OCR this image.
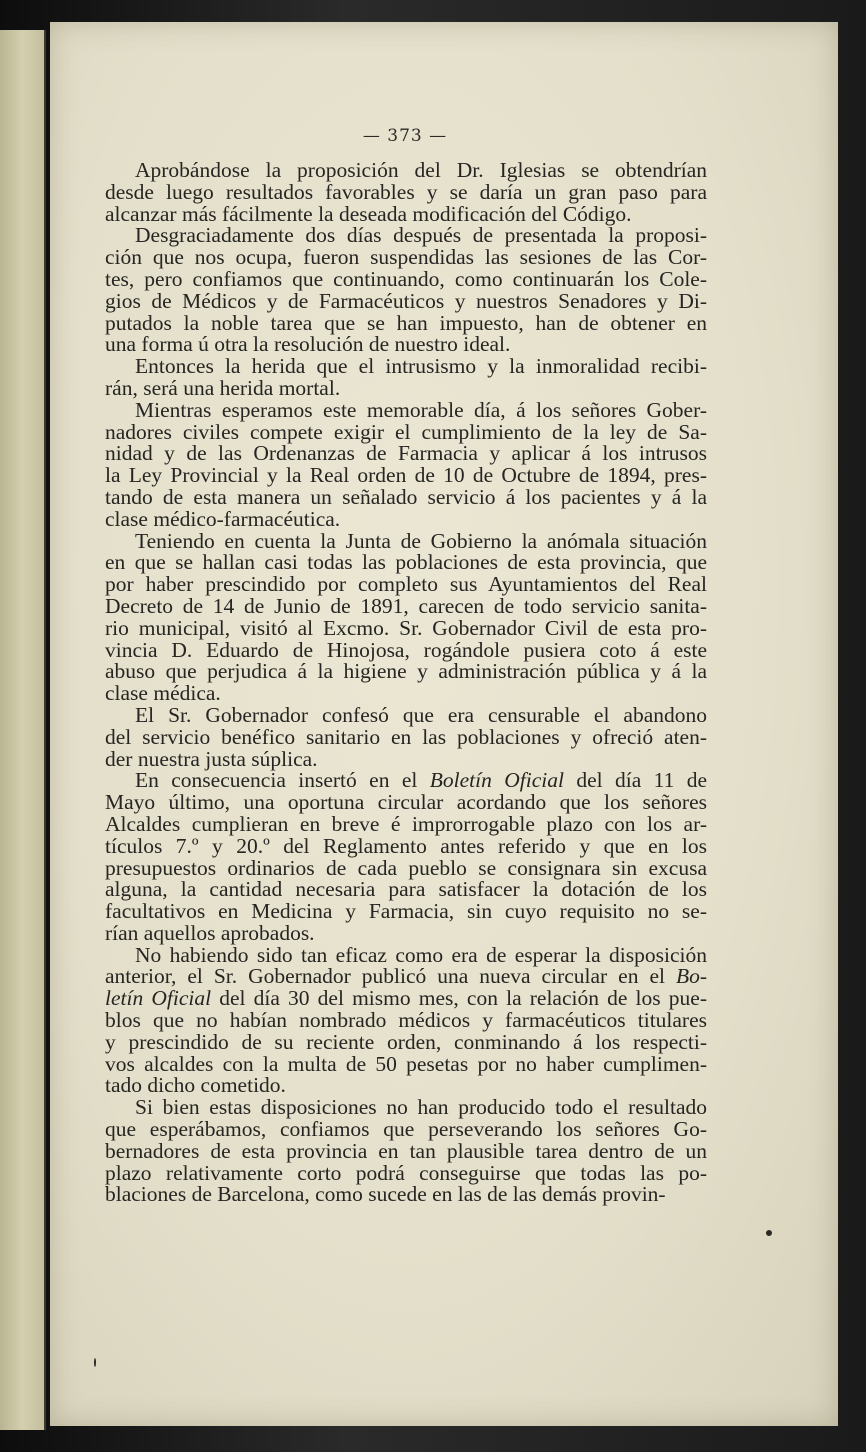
— 373 —

Aprobándose la proposición del Dr. Iglesias se obtendrían
desde luego resultados favorables y se daría un gran paso para
alcanzar más fácilmente la deseada modificación del Código.

Desgraciadamente dos días después de presentada la proposi-
ción que nos ocupa, fueron suspendidas las sesiones de las Cor-
tes, pero confiamos que continuando, como continuarán los Cole-
gios de Médicos y de Farmacéuticos y nuestros Senadores y Di-
putados la noble tarea que se han impuesto, han de obtener en
una forma ú otra la resolución de nuestro ideal.

Entonces la herida que el intrusismo y la inmoralidad recibi-
rán, será una herida mortal.

Mientras esperamos este memorable día, á los señores Gober-
nadores civiles compete exigir el cumplimiento de la ley de Sa-
nidad y de las Ordenanzas de Farmacia y aplicar á los intrusos
la Ley Provincial y la Real orden de 10 de Octubre de 1894, pres-
tando de esta manera un señalado servicio á los pacientes y á la
clase médico-farmacéutica.

Teniendo en cuenta la Junta de Gobierno la anómala situación
en que se hallan casi todas las poblaciones de esta provincia, que
por haber prescindido por completo sus Ayuntamientos del Real
Decreto de 14 de Junio de 1891, carecen de todo servicio sanita-
rio municipal, visitó al Excmo. Sr. Gobernador Civil de esta pro-
vincia D. Eduardo de Hinojosa, rogándole pusiera coto á este
abuso que perjudica á la higiene y administración pública y á la
clase médica.

El Sr. Gobernador confesó que era censurable el abandono
del servicio benéfico sanitario en las poblaciones y ofreció aten-
der nuestra justa súplica.

En consecuencia insertó en el Boletín Oficial del día 11 de
Mayo último, una oportuna circular acordando que los señores
Alcaldes cumplieran en breve é improrrogable plazo con los ar-
tículos 7.º y 20.º del Reglamento antes referido y que en los
presupuestos ordinarios de cada pueblo se consignara sin excusa
alguna, la cantidad necesaria para satisfacer la dotación de los
facultativos en Medicina y Farmacia, sin cuyo requisito no se-
rían aquellos aprobados.

No habiendo sido tan eficaz como era de esperar la disposición
anterior, el Sr. Gobernador publicó una nueva circular en el Bo-
letín Oficial del día 30 del mismo mes, con la relación de los pue-
blos que no habían nombrado médicos y farmacéuticos titulares
y prescindido de su reciente orden, conminando á los respecti-
vos alcaldes con la multa de 50 pesetas por no haber cumplimen-
tado dicho cometido.

Si bien estas disposiciones no han producido todo el resultado
que esperábamos, confiamos que perseverando los señores Go-
bernadores de esta provincia en tan plausible tarea dentro de un
plazo relativamente corto podrá conseguirse que todas las po-
blaciones de Barcelona, como sucede en las de las demás provin-
